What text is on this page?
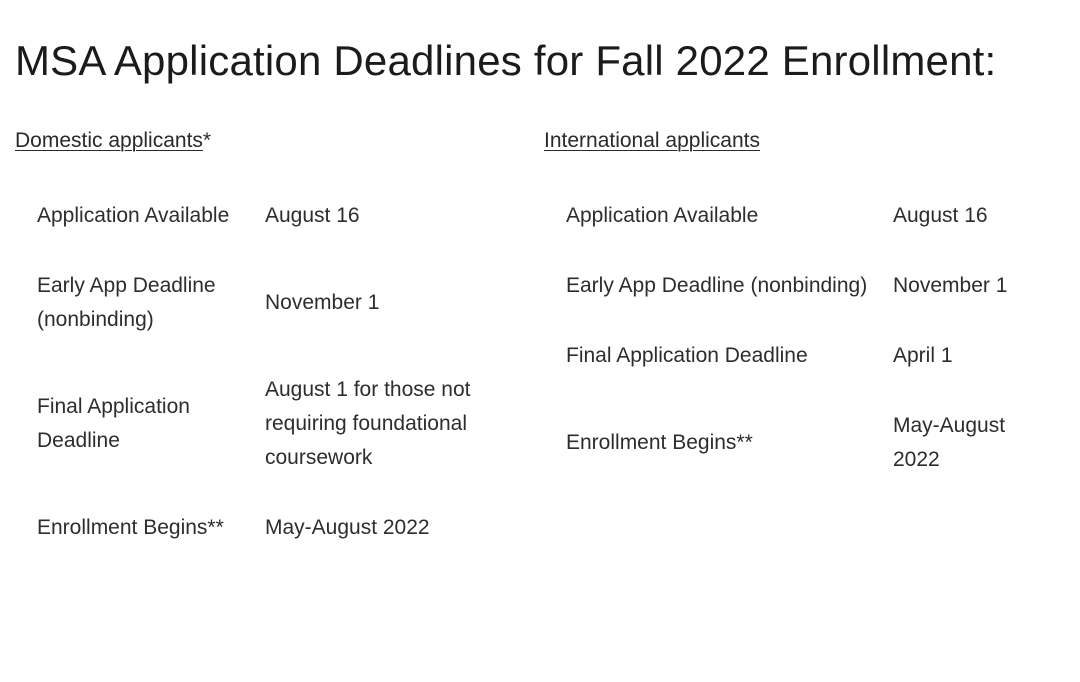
MSA Application Deadlines for Fall 2022 Enrollment:
Domestic applicants*
Application Available	August 16

Early App Deadline (nonbinding)	November 1

Final Application Deadline	August 1 for those not requiring foundational coursework

Enrollment Begins**	May-August 2022
International applicants
Application Available	August 16

Early App Deadline (nonbinding)	November 1

Final Application Deadline	April 1

Enrollment Begins**	May-August 2022
